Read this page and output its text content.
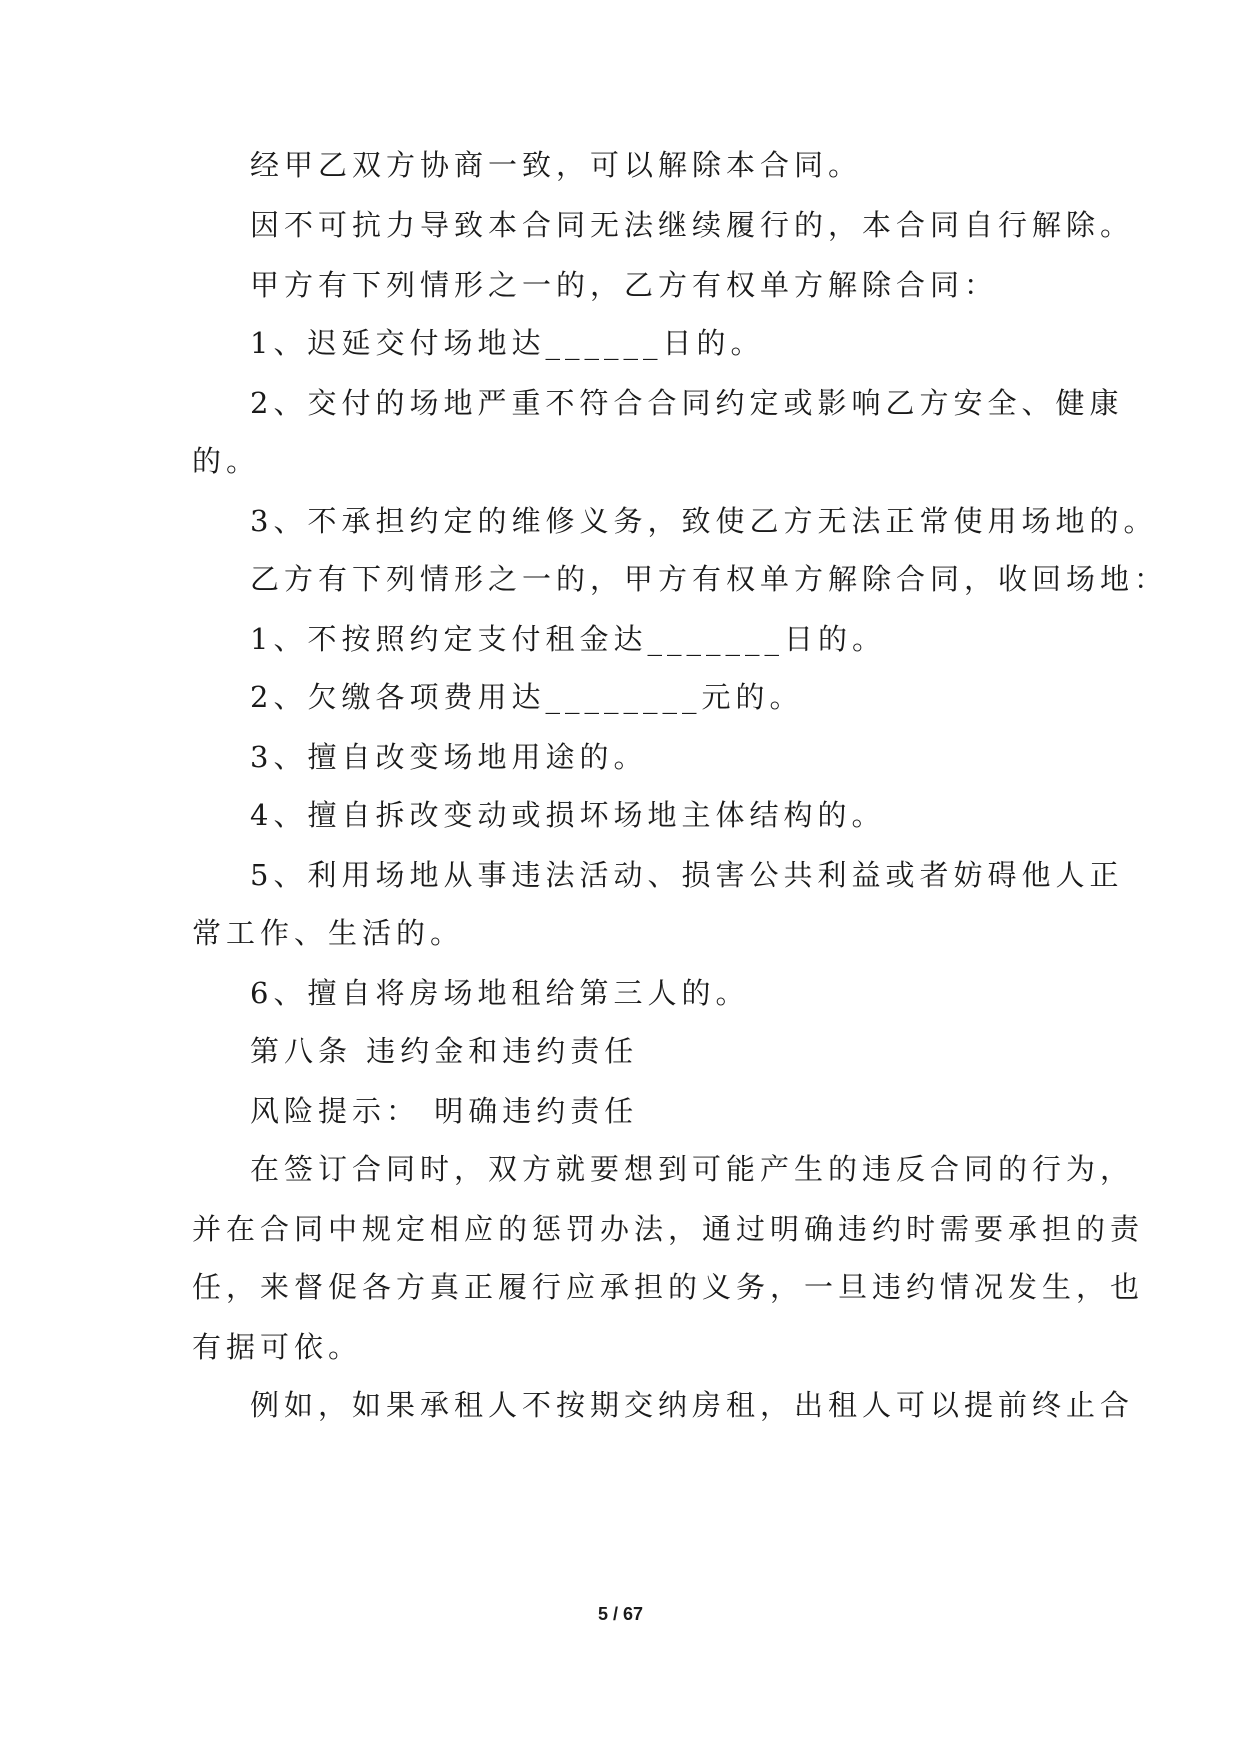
经甲乙双方协商一致，可以解除本合同。
因不可抗力导致本合同无法继续履行的，本合同自行解除。
甲方有下列情形之一的，乙方有权单方解除合同：
1、迟延交付场地达______日的。
2、交付的场地严重不符合合同约定或影响乙方安全、健康
的。
3、不承担约定的维修义务，致使乙方无法正常使用场地的。
乙方有下列情形之一的，甲方有权单方解除合同，收回场地：
1、不按照约定支付租金达_______日的。
2、欠缴各项费用达________元的。
3、擅自改变场地用途的。
4、擅自拆改变动或损坏场地主体结构的。
5、利用场地从事违法活动、损害公共利益或者妨碍他人正
常工作、生活的。
6、擅自将房场地租给第三人的。
第八条 违约金和违约责任
风险提示： 明确违约责任
在签订合同时，双方就要想到可能产生的违反合同的行为，
并在合同中规定相应的惩罚办法，通过明确违约时需要承担的责
任，来督促各方真正履行应承担的义务，一旦违约情况发生，也
有据可依。
例如，如果承租人不按期交纳房租，出租人可以提前终止合
5 / 67
